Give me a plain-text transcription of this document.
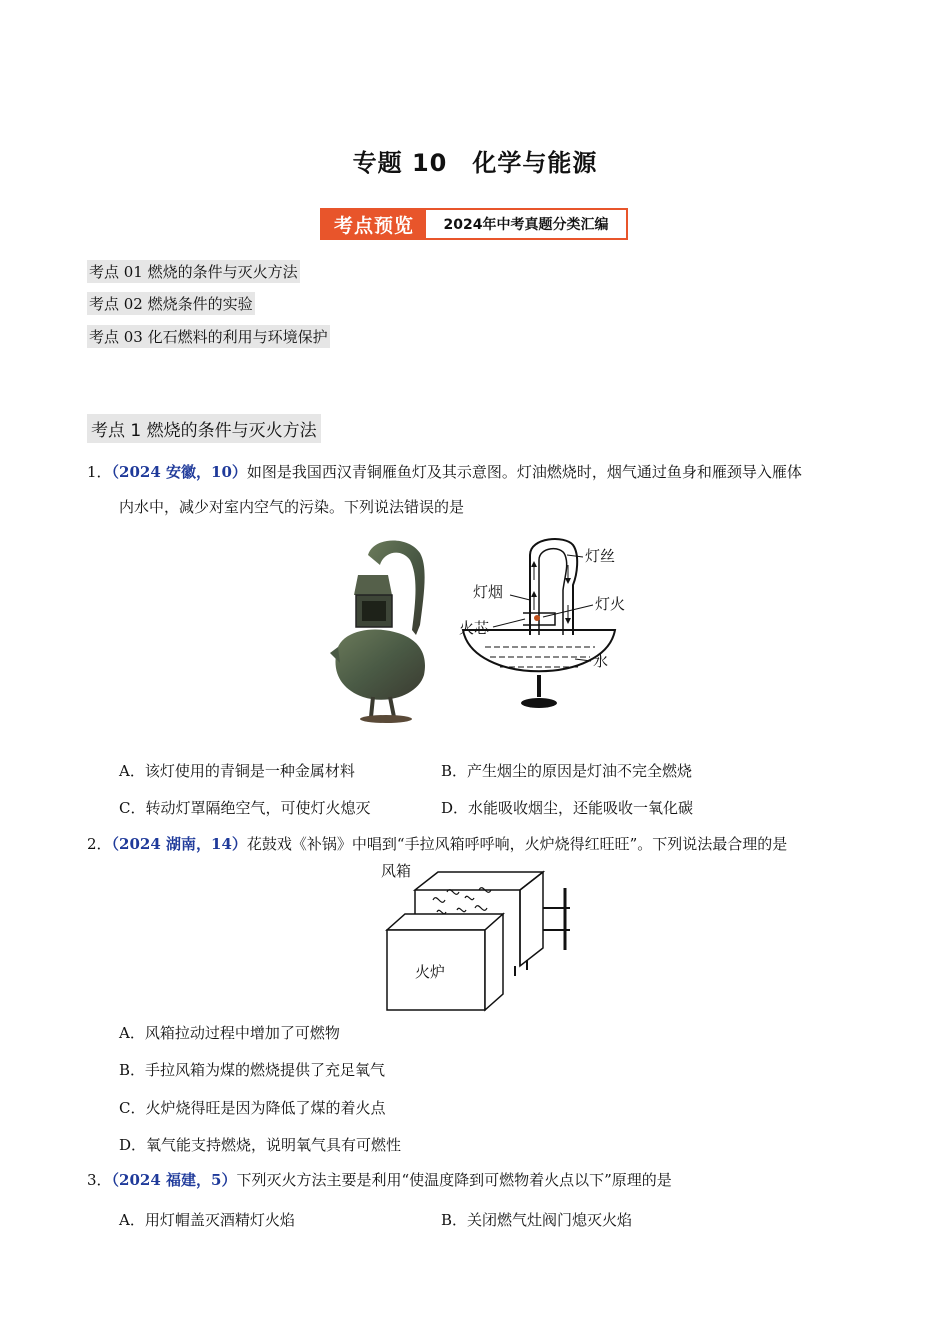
专题 10　化学与能源
考点预览	2024年中考真题分类汇编
考点 01 燃烧的条件与灭火方法
考点 02 燃烧条件的实验
考点 03 化石燃料的利用与环境保护
考点 1 燃烧的条件与灭火方法
1．（2024 安徽，10）如图是我国西汉青铜雁鱼灯及其示意图。灯油燃烧时，烟气通过鱼身和雁颈导入雁体
内水中，减少对室内空气的污染。下列说法错误的是
灯丝
灯烟
灯火
火芯
水
A．该灯使用的青铜是一种金属材料	B．产生烟尘的原因是灯油不完全燃烧
C．转动灯罩隔绝空气，可使灯火熄灭	D．水能吸收烟尘，还能吸收一氧化碳
2．（2024 湖南，14）花鼓戏《补锅》中唱到“手拉风箱呼呼响，火炉烧得红旺旺”。下列说法最合理的是
风箱
火炉
A．风箱拉动过程中增加了可燃物
B．手拉风箱为煤的燃烧提供了充足氧气
C．火炉烧得旺是因为降低了煤的着火点
D．氧气能支持燃烧，说明氧气具有可燃性
3．（2024 福建，5）下列灭火方法主要是利用“使温度降到可燃物着火点以下”原理的是
A．用灯帽盖灭酒精灯火焰	B．关闭燃气灶阀门熄灭火焰
